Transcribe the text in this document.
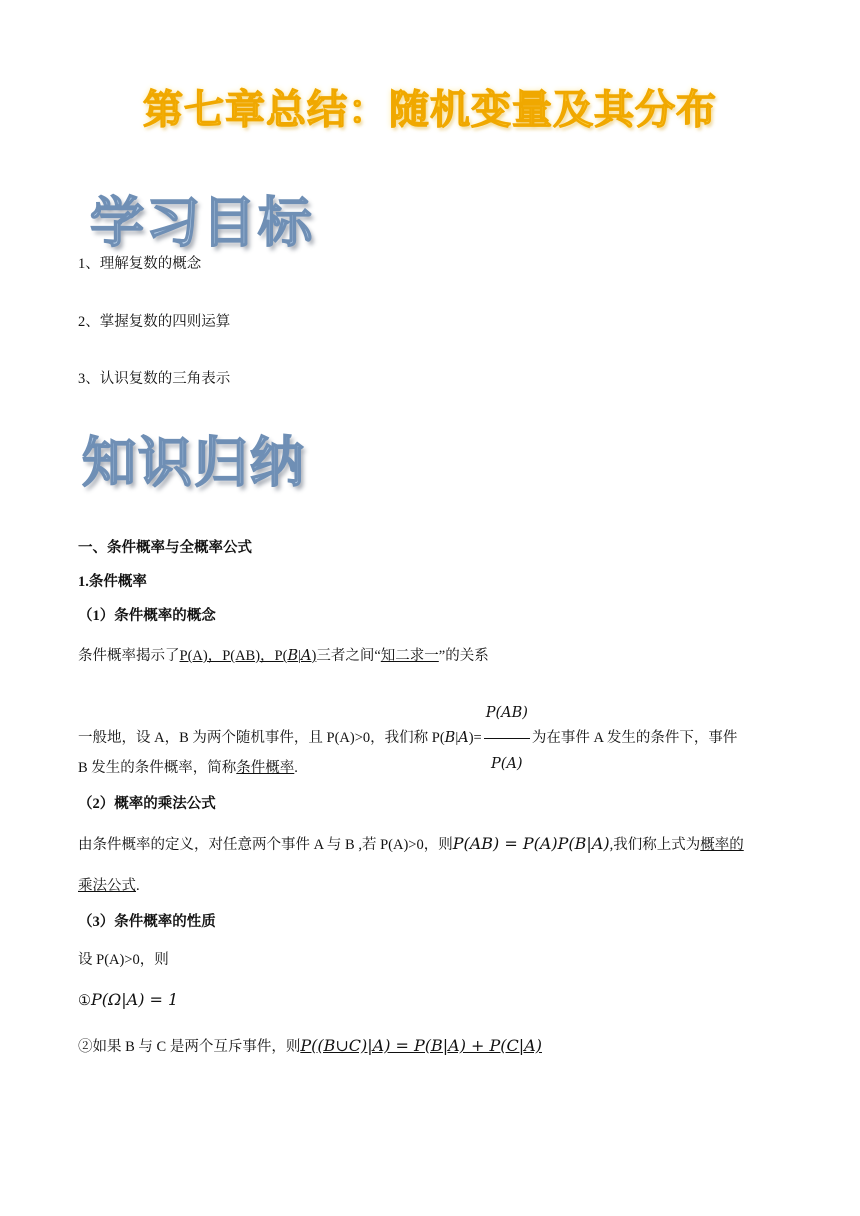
第七章总结：随机变量及其分布
学习目标
1、理解复数的概念
2、掌握复数的四则运算
3、认识复数的三角表示
知识归纳
一、条件概率与全概率公式
1.条件概率
（1）条件概率的概念
条件概率揭示了P(A)，P(AB)，P(B|A)三者之间“知二求一”的关系
一般地，设 A，B 为两个随机事件，且 P(A)>0，我们称 $P(B|A)= \frac{P(AB)}{P(A)}$ 为在事件 A 发生的条件下，事件
B 发生的条件概率，简称条件概率.
（2）概率的乘法公式
由条件概率的定义，对任意两个事件 A 与 B ,若 P(A)>0，则P(AB) = P(A)P(B|A),我们称上式为概率的
乘法公式.
（3）条件概率的性质
设 P(A)>0，则
①P(Ω|A) = 1
②如果 B 与 C 是两个互斥事件，则P((B∪C)|A) = P(B|A) + P(C|A)
